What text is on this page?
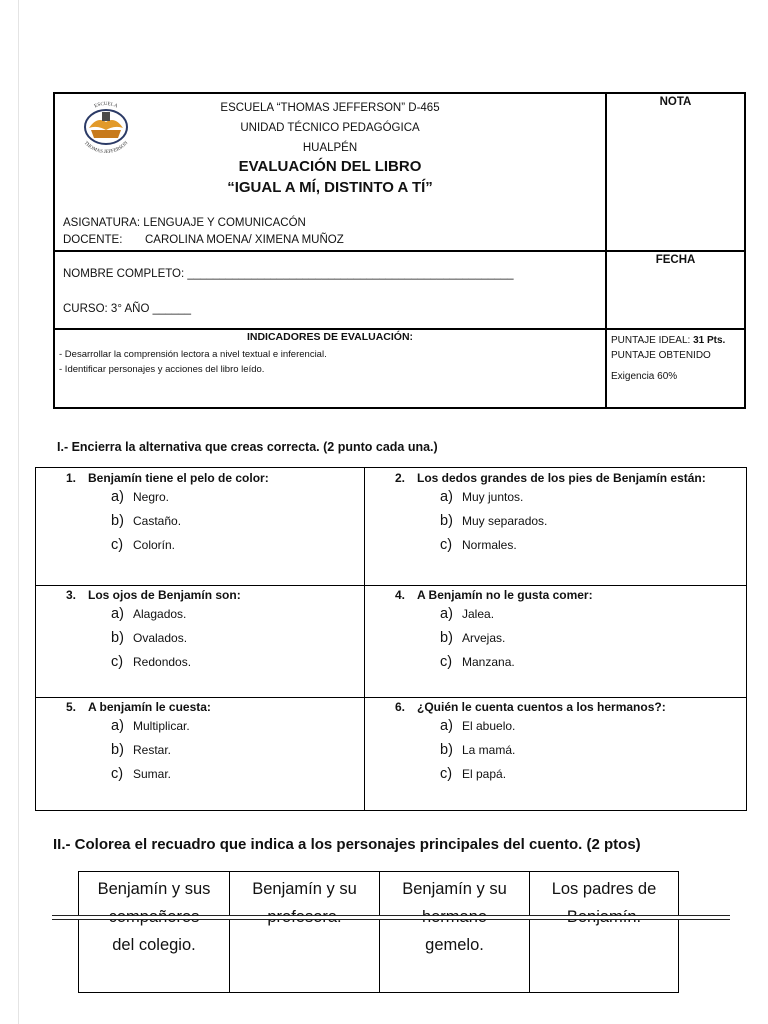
ESCUELA
THOMAS JEFFERSON
ESCUELA “THOMAS JEFFERSON” D-465
UNIDAD TÉCNICO PEDAGÓGICA
HUALPÉN
EVALUACIÓN DEL LIBRO
“IGUAL A MÍ, DISTINTO A TÍ”
ASIGNATURA: LENGUAJE Y COMUNICACÓN
DOCENTE: CAROLINA MOENA/ XIMENA MUÑOZ
NOTA
FECHA
NOMBRE COMPLETO: ___________________________________________________
CURSO: 3° AÑO ______
INDICADORES DE EVALUACIÓN:
- Desarrollar la comprensión lectora a nivel textual e inferencial.
- Identificar personajes y acciones del libro leído.
PUNTAJE IDEAL: 31 Pts.
PUNTAJE OBTENIDO
Exigencia 60%
I.- Encierra la alternativa que creas correcta. (2 punto cada una.)
1. Benjamín tiene el pelo de color:
a) Negro.
b) Castaño.
c) Colorín.
2. Los dedos grandes de los pies de Benjamín están:
a) Muy juntos.
b) Muy separados.
c) Normales.
3. Los ojos de Benjamín son:
a) Alagados.
b) Ovalados.
c) Redondos.
4. A Benjamín no le gusta comer:
a) Jalea.
b) Arvejas.
c) Manzana.
5. A benjamín le cuesta:
a) Multiplicar.
b) Restar.
c) Sumar.
6. ¿Quién le cuenta cuentos a los hermanos?:
a) El abuelo.
b) La mamá.
c) El papá.
II.- Colorea el recuadro que indica a los personajes principales del cuento. (2 ptos)
Benjamín y sus
del colegio.
Benjamín y su	Benjamín y su
gemelo.
Los padres de
